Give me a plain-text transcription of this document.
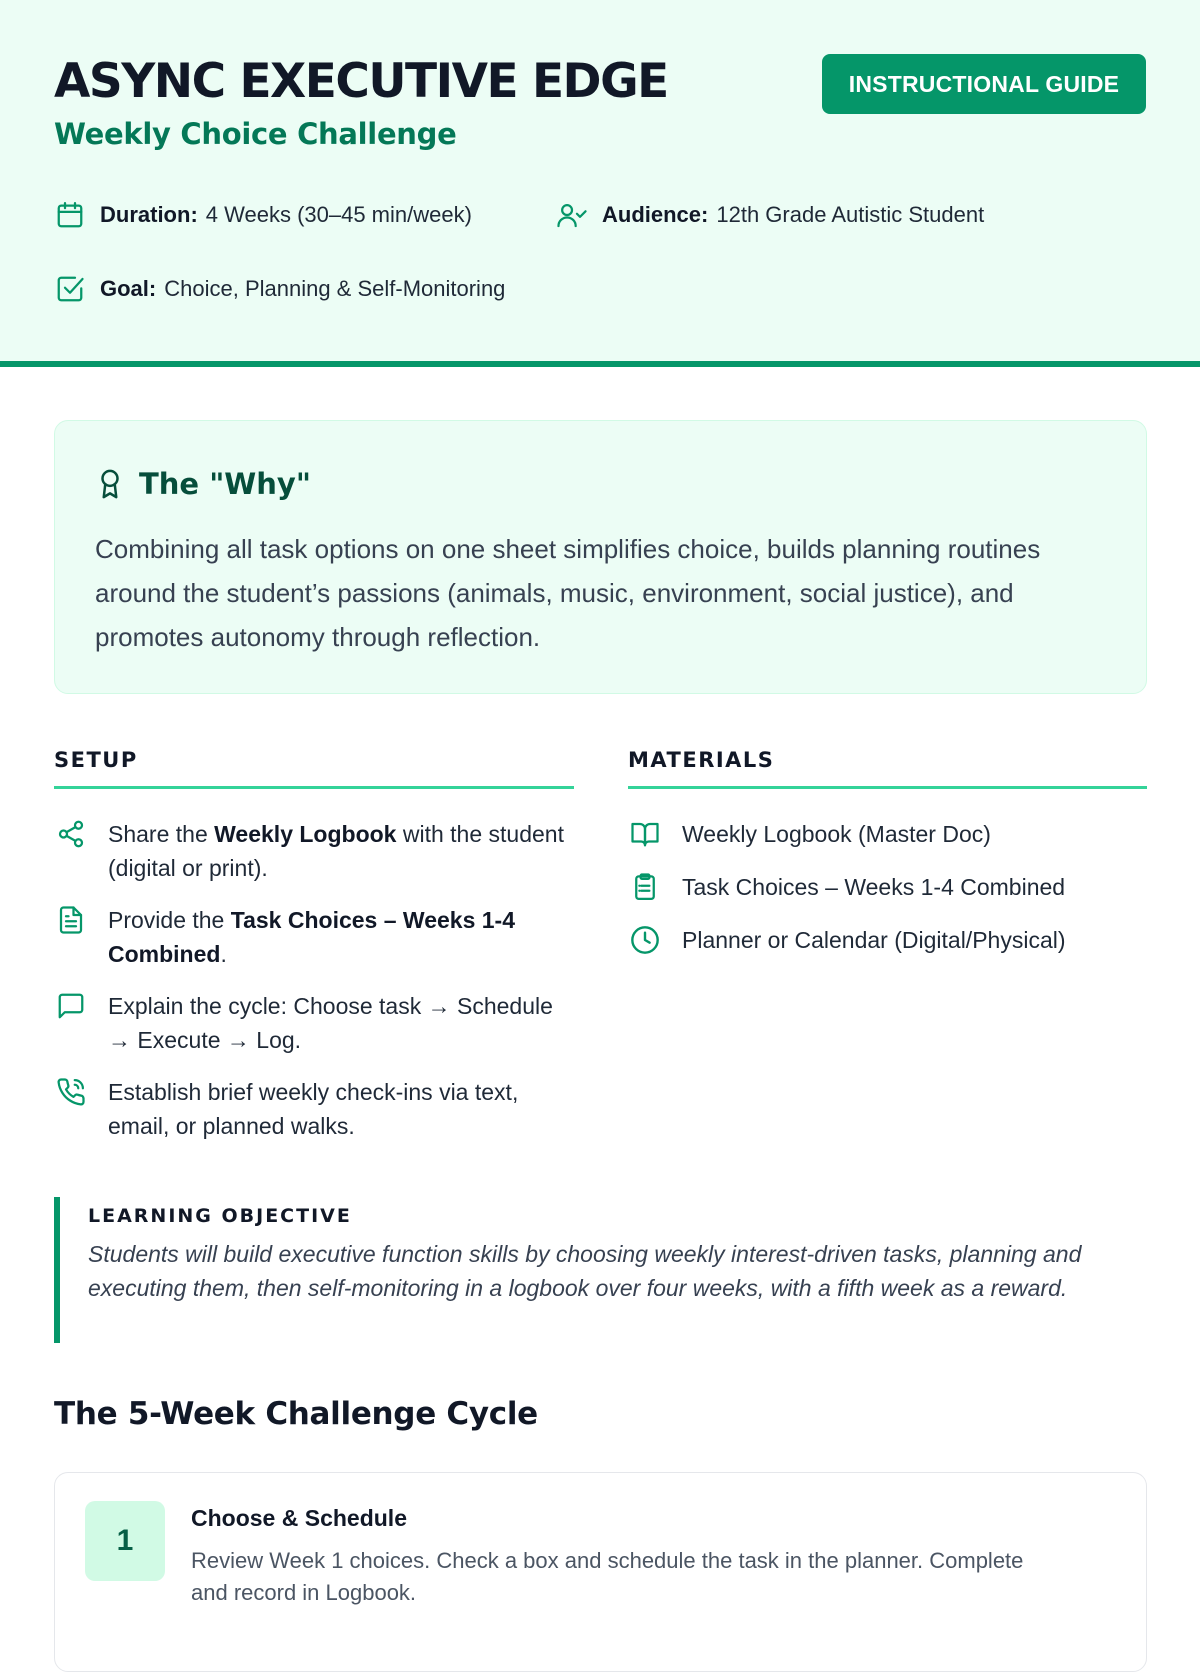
ASYNC EXECUTIVE EDGE
Weekly Choice Challenge
INSTRUCTIONAL GUIDE
Duration: 4 Weeks (30–45 min/week)	Audience: 12th Grade Autistic Student
Goal: Choice, Planning & Self-Monitoring
The "Why"
Combining all task options on one sheet simplifies choice, builds planning routines around the student’s passions (animals, music, environment, social justice), and promotes autonomy through reflection.
SETUP	MATERIALS
Share the Weekly Logbook with the student (digital or print).
Provide the Task Choices – Weeks 1-4 Combined.
Explain the cycle: Choose task → Schedule → Execute → Log.
Establish brief weekly check-ins via text, email, or planned walks.
Weekly Logbook (Master Doc)
Task Choices – Weeks 1-4 Combined
Planner or Calendar (Digital/Physical)
LEARNING OBJECTIVE
Students will build executive function skills by choosing weekly interest-driven tasks, planning and executing them, then self-monitoring in a logbook over four weeks, with a fifth week as a reward.
The 5-Week Challenge Cycle
1
Choose & Schedule
Review Week 1 choices. Check a box and schedule the task in the planner. Complete and record in Logbook.
